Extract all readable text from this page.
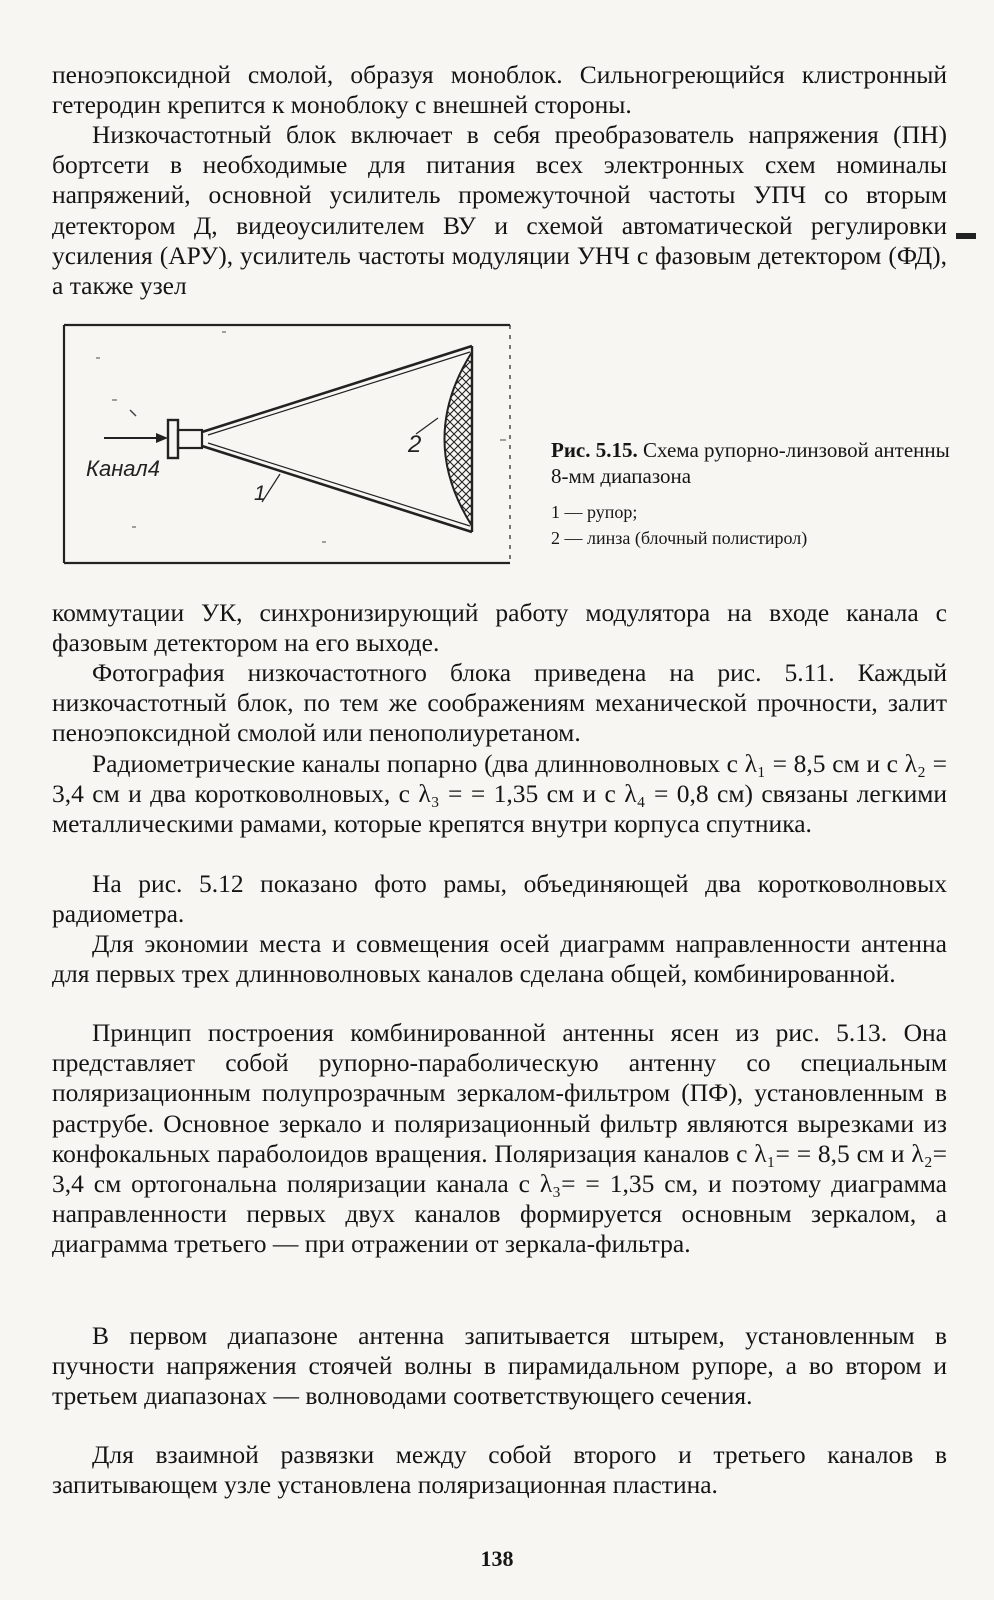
пеноэпоксидной смолой, образуя моноблок. Сильногреющийся клистронный гетеродин крепится к моноблоку с внешней стороны.

Низкочастотный блок включает в себя преобразователь напряжения (ПН) бортсети в необходимые для питания всех электронных схем номиналы напряжений, основной усилитель промежуточной частоты УПЧ со вторым детектором Д, видеоусилителем ВУ и схемой автоматической регулировки усиления (АРУ), усилитель частоты модуляции УНЧ с фазовым детектором (ФД), а также узел

Канал4
1
2	Рис. 5.15. Схема рупорно-линзовой антенны 8-мм диапазона

1 — рупор;

2 — линза (блочный полистирол)

коммутации УК, синхронизирующий работу модулятора на входе канала с фазовым детектором на его выходе.

Фотография низкочастотного блока приведена на рис. 5.11. Каждый низкочастотный блок, по тем же соображениям механической прочности, залит пеноэпоксидной смолой или пенополиуретаном.

Радиометрические каналы попарно (два длинноволновых с λ₁ = 8,5 см и с λ₂ = 3,4 см и два коротковолновых, с λ₃ = = 1,35 см и с λ₄ = 0,8 см) связаны легкими металлическими рамами, которые крепятся внутри корпуса спутника.

На рис. 5.12 показано фото рамы, объединяющей два коротковолновых радиометра.

Для экономии места и совмещения осей диаграмм направленности антенна для первых трех длинноволновых каналов сделана общей, комбинированной.

Принцип построения комбинированной антенны ясен из рис. 5.13. Она представляет собой рупорно-параболическую антенну со специальным поляризационным полупрозрачным зеркалом-фильтром (ПФ), установленным в раструбе. Основное зеркало и поляризационный фильтр являются вырезками из конфокальных параболоидов вращения. Поляризация каналов с λ₁= = 8,5 см и λ₂= 3,4 см ортогональна поляризации канала с λ₃= = 1,35 см, и поэтому диаграмма направленности первых двух каналов формируется основным зеркалом, а диаграмма третьего — при отражении от зеркала-фильтра.

В первом диапазоне антенна запитывается штырем, установленным в пучности напряжения стоячей волны в пирамидальном рупоре, а во втором и третьем диапазонах — волноводами соответствующего сечения.

Для взаимной развязки между собой второго и третьего каналов в запитывающем узле установлена поляризационная пластина.

▬
138
